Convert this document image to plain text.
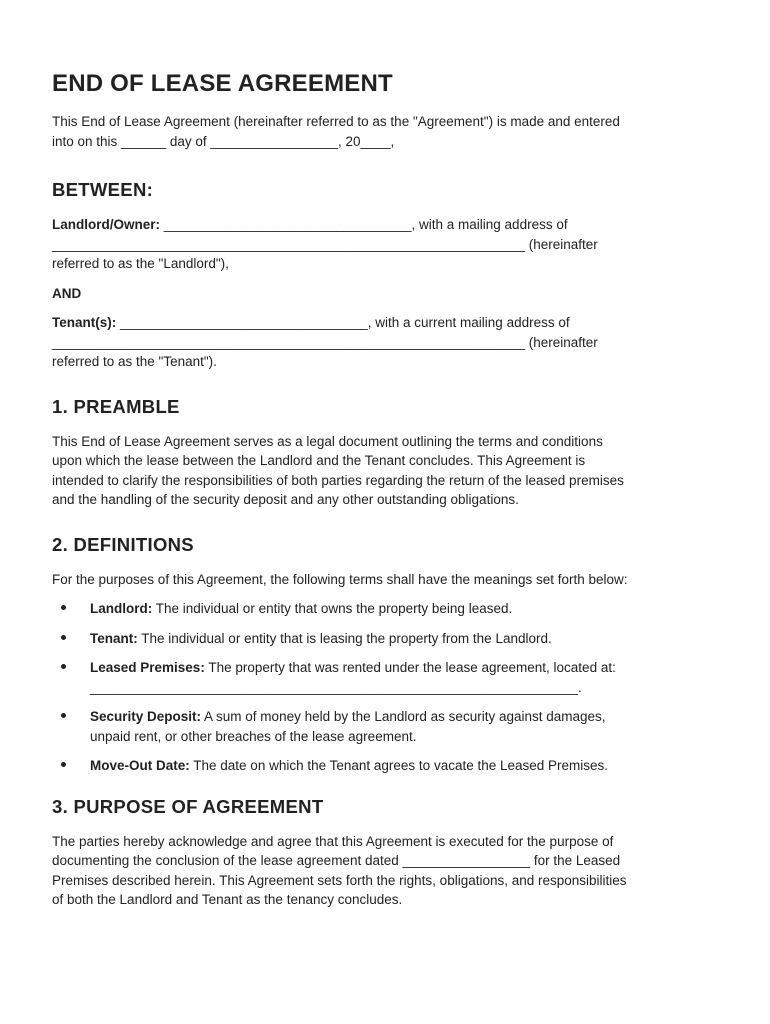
END OF LEASE AGREEMENT

This End of Lease Agreement (hereinafter referred to as the "Agreement") is made and entered
into on this ______ day of _________________, 20____,

BETWEEN:

Landlord/Owner: _________________________________, with a mailing address of
_______________________________________________________________ (hereinafter
referred to as the "Landlord"),

AND

Tenant(s): _________________________________, with a current mailing address of
_______________________________________________________________ (hereinafter
referred to as the "Tenant").

1. PREAMBLE

This End of Lease Agreement serves as a legal document outlining the terms and conditions
upon which the lease between the Landlord and the Tenant concludes. This Agreement is
intended to clarify the responsibilities of both parties regarding the return of the leased premises
and the handling of the security deposit and any other outstanding obligations.

2. DEFINITIONS

For the purposes of this Agreement, the following terms shall have the meanings set forth below:

Landlord: The individual or entity that owns the property being leased.
Tenant: The individual or entity that is leasing the property from the Landlord.
Leased Premises: The property that was rented under the lease agreement, located at:
_________________________________________________________________.
Security Deposit: A sum of money held by the Landlord as security against damages,
unpaid rent, or other breaches of the lease agreement.
Move-Out Date: The date on which the Tenant agrees to vacate the Leased Premises.
3. PURPOSE OF AGREEMENT

The parties hereby acknowledge and agree that this Agreement is executed for the purpose of
documenting the conclusion of the lease agreement dated _________________ for the Leased
Premises described herein. This Agreement sets forth the rights, obligations, and responsibilities
of both the Landlord and Tenant as the tenancy concludes.
